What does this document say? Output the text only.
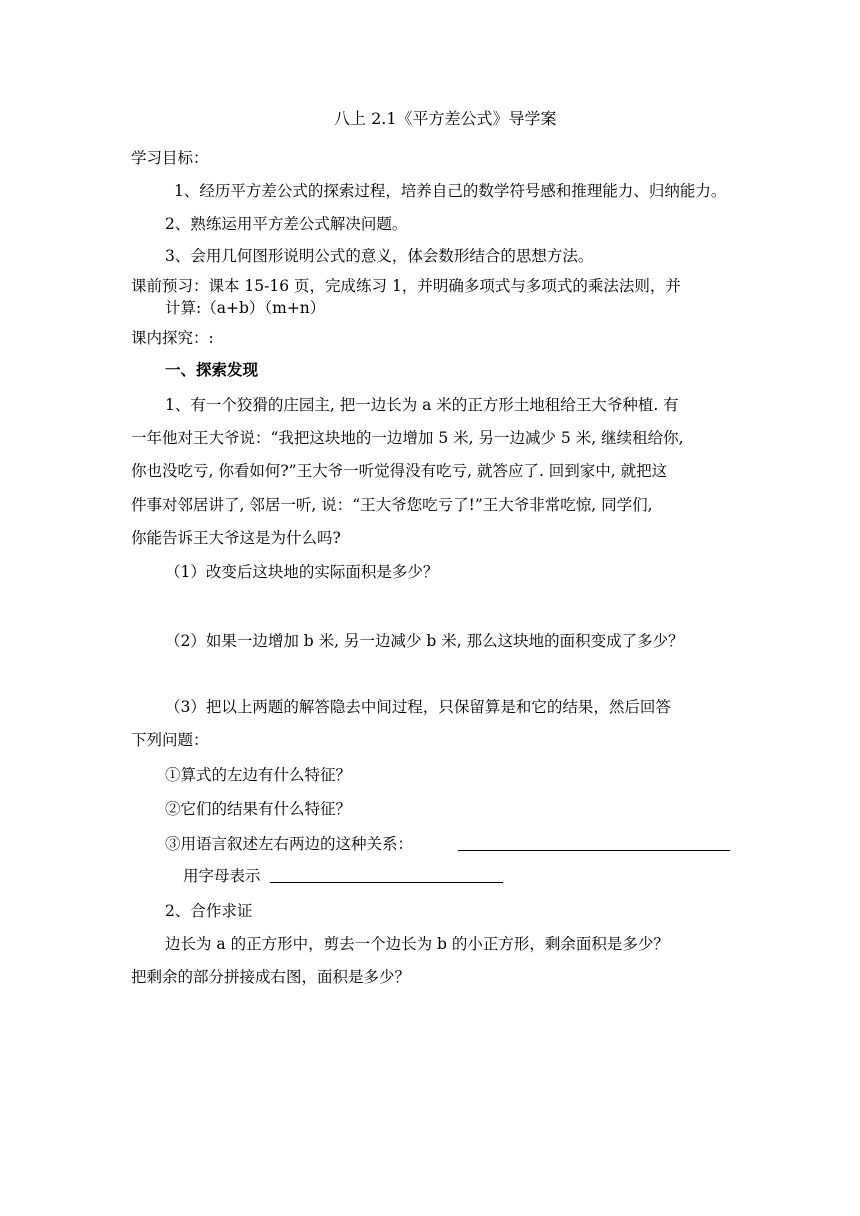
八上 2.1《平方差公式》导学案
学习目标：
1、经历平方差公式的探索过程，培养自己的数学符号感和推理能力、归纳能力。
2、熟练运用平方差公式解决问题。
3、会用几何图形说明公式的意义，体会数形结合的思想方法。
课前预习：课本 15-16 页，完成练习 1，并明确多项式与多项式的乘法法则，并
计算:（a+b）（m+n）
课内探究：:
一、探索发现
1、有一个狡猾的庄园主, 把一边长为 a 米的正方形土地租给王大爷种植. 有
一年他对王大爷说：“我把这块地的一边增加 5 米, 另一边减少 5 米, 继续租给你,
你也没吃亏, 你看如何?”王大爷一听觉得没有吃亏, 就答应了. 回到家中, 就把这
件事对邻居讲了, 邻居一听, 说：“王大爷您吃亏了!”王大爷非常吃惊, 同学们,
你能告诉王大爷这是为什么吗?
（1）改变后这块地的实际面积是多少？
（2）如果一边增加 b 米, 另一边减少 b 米, 那么这块地的面积变成了多少？
（3）把以上两题的解答隐去中间过程，只保留算是和它的结果，然后回答
下列问题：
①算式的左边有什么特征？
②它们的结果有什么特征？
③用语言叙述左右两边的这种关系：
用字母表示
2、合作求证
边长为 a 的正方形中，剪去一个边长为 b 的小正方形，剩余面积是多少？
把剩余的部分拼接成右图，面积是多少？
